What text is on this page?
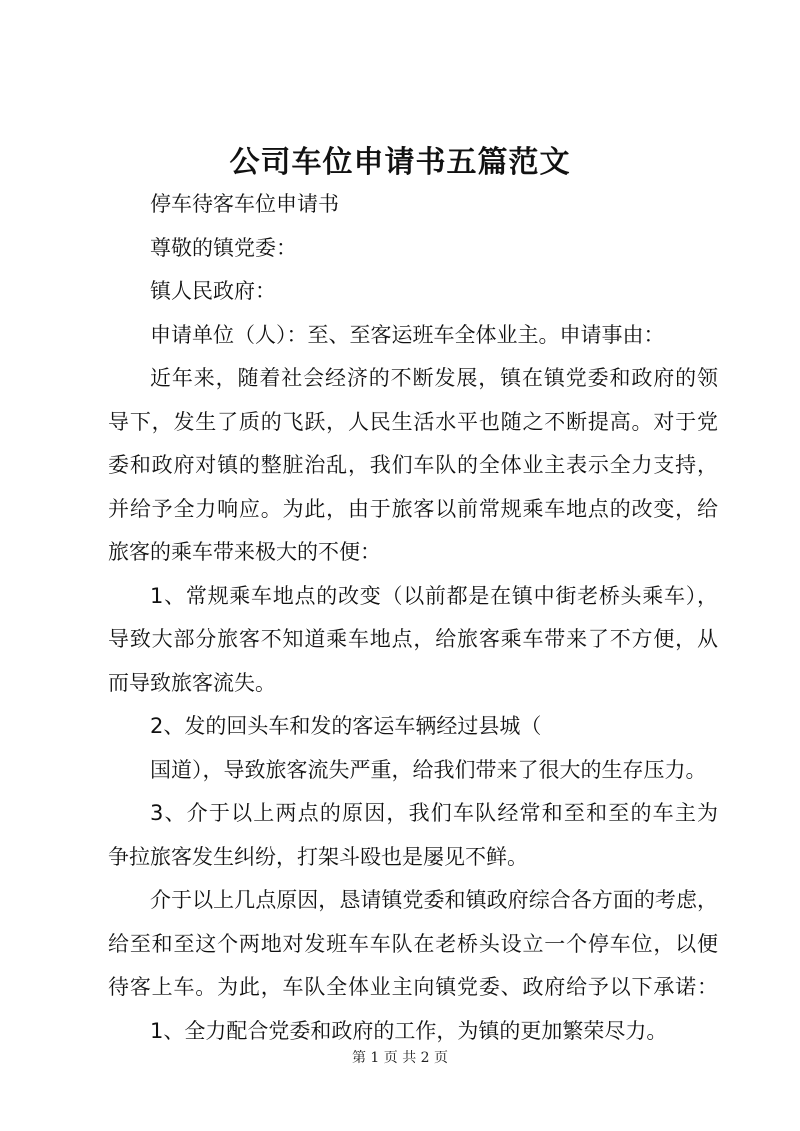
公司车位申请书五篇范文
停车待客车位申请书
尊敬的镇党委：
镇人民政府：
申请单位（人）：至、至客运班车全体业主。申请事由：
近年来，随着社会经济的不断发展，镇在镇党委和政府的领
导下，发生了质的飞跃，人民生活水平也随之不断提高。对于党
委和政府对镇的整脏治乱，我们车队的全体业主表示全力支持，
并给予全力响应。为此，由于旅客以前常规乘车地点的改变，给
旅客的乘车带来极大的不便：
1、常规乘车地点的改变（以前都是在镇中街老桥头乘车），
导致大部分旅客不知道乘车地点，给旅客乘车带来了不方便，从
而导致旅客流失。
2、发的回头车和发的客运车辆经过县城（
国道），导致旅客流失严重，给我们带来了很大的生存压力。
3、介于以上两点的原因，我们车队经常和至和至的车主为
争拉旅客发生纠纷，打架斗殴也是屡见不鲜。
介于以上几点原因，恳请镇党委和镇政府综合各方面的考虑，
给至和至这个两地对发班车车队在老桥头设立一个停车位，以便
待客上车。为此，车队全体业主向镇党委、政府给予以下承诺：
1、全力配合党委和政府的工作，为镇的更加繁荣尽力。
第 1 页 共 2 页
